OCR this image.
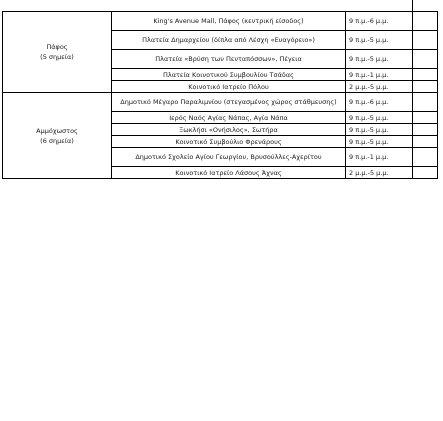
Πάφος
(5 σημεία)	King's Avenue Mall, Πάφος (κεντρική είσοδος)	9 π.μ.-6 μ.μ.	
	Πλατεία Δημαρχείου (δίπλα από Λέσχη «Ευαγόρειο»)	9 π.μ.-5 μ.μ.	
	Πλατεία «Βρύση των Πενταπόσσων», Πέγεια	9 π.μ.-5 μ.μ.	
	Πλατεία Κοινοτικού Συμβουλίου Τσάδας	9 π.μ.-1 μ.μ.	
	Κοινοτικό Ιατρείο Πόλου	2 μ.μ.-5 μ.μ.	

Αμμόχωστος
(6 σημεία)	Δημοτικό Μέγαρο Παραλιμνίου (στεγασμένος χώρος στάθμευσης)	9 π.μ.-6 μ.μ.	
	Ιερός Ναός Αγίας Νάπας, Αγία Νάπα	9 π.μ.-5 μ.μ.	
	Ξωκλήσι «Ονήσιλος», Σωτήρα	9 π.μ.-5 μ.μ.	
	Κοινοτικό Συμβούλιο Φρενάρους	9 π.μ.-5 μ.μ.	
	Δημοτικό Σχολείο Αγίου Γεωργίου, Βρυσούλλες-Αχερίτου	9 π.μ.-1 μ.μ.	
	Κοινοτικό Ιατρείο Λάσους Άχνας	2 μ.μ.-5 μ.μ.	
